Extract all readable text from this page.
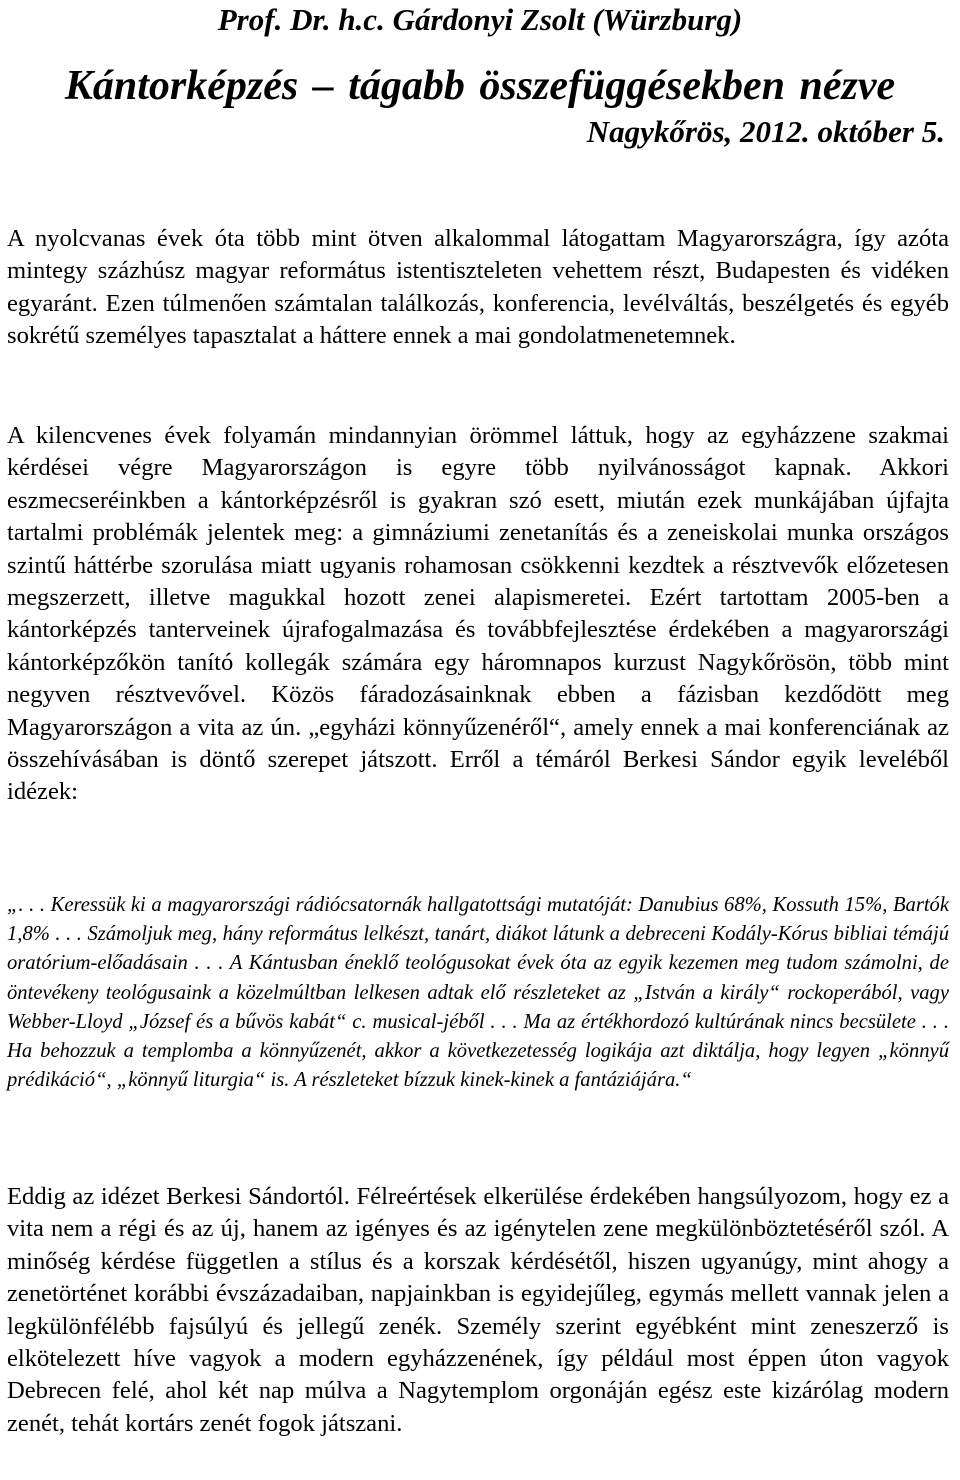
Prof. Dr. h.c. Gárdonyi Zsolt (Würzburg)
Kántorképzés – tágabb összefüggésekben nézve
Nagykőrös, 2012. október 5.

A nyolcvanas évek óta több mint ötven alkalommal látogattam Magyarországra, így azóta mintegy százhúsz magyar református istentiszteleten vehettem részt, Budapesten és vidéken egyaránt. Ezen túlmenően számtalan találkozás, konferencia, levélváltás, beszélgetés és egyéb sokrétű személyes tapasztalat a háttere ennek a mai gondolatmenetemnek.

A kilencvenes évek folyamán mindannyian örömmel láttuk, hogy az egyházzene szakmai kérdései végre Magyarországon is egyre több nyilvánosságot kapnak. Akkori eszmecseréinkben a kántorképzésről is gyakran szó esett, miután ezek munkájában újfajta tartalmi problémák jelentek meg: a gimnáziumi zenetanítás és a zeneiskolai munka országos szintű háttérbe szorulása miatt ugyanis rohamosan csökkenni kezdtek a résztvevők előzetesen megszerzett, illetve magukkal hozott zenei alapismeretei. Ezért tartottam 2005-ben a kántorképzés tanterveinek újrafogalmazása és továbbfejlesztése érdekében a magyarországi kántorképzőkön tanító kollegák számára egy háromnapos kurzust Nagykőrösön, több mint negyven résztvevővel. Közös fáradozásainknak ebben a fázisban kezdődött meg Magyarországon a vita az ún. „egyházi könnyűzenéről“, amely ennek a mai konferenciának az összehívásában is döntő szerepet játszott. Erről a témáról Berkesi Sándor egyik leveléből idézek:

„. . . Keressük ki a magyarországi rádiócsatornák hallgatottsági mutatóját: Danubius 68%, Kossuth 15%, Bartók 1,8% . . . Számoljuk meg, hány református lelkészt, tanárt, diákot látunk a debreceni Kodály-Kórus bibliai témájú oratórium-előadásain . . . A Kántusban éneklő teológusokat évek óta az egyik kezemen meg tudom számolni, de öntevékeny teológusaink a közelmúltban lelkesen adtak elő részleteket az „István a király“ rockoperából, vagy Webber-Lloyd „József és a bűvös kabát“ c. musical-jéből . . . Ma az értékhordozó kultúrának nincs becsülete . . . Ha behozzuk a templomba a könnyűzenét, akkor a következetesség logikája azt diktálja, hogy legyen „könnyű prédikáció“, „könnyű liturgia“ is. A részleteket bízzuk kinek-kinek a fantáziájára.“

Eddig az idézet Berkesi Sándortól. Félreértések elkerülése érdekében hangsúlyozom, hogy ez a vita nem a régi és az új, hanem az igényes és az igénytelen zene megkülönböztetéséről szól. A minőség kérdése független a stílus és a korszak kérdésétől, hiszen ugyanúgy, mint ahogy a zenetörténet korábbi évszázadaiban, napjainkban is egyidejűleg, egymás mellett vannak jelen a legkülönfélébb fajsúlyú és jellegű zenék. Személy szerint egyébként mint zeneszerző is elkötelezett híve vagyok a modern egyházzenének, így például most éppen úton vagyok Debrecen felé, ahol két nap múlva a Nagytemplom orgonáján egész este kizárólag modern zenét, tehát kortárs zenét fogok játszani.
